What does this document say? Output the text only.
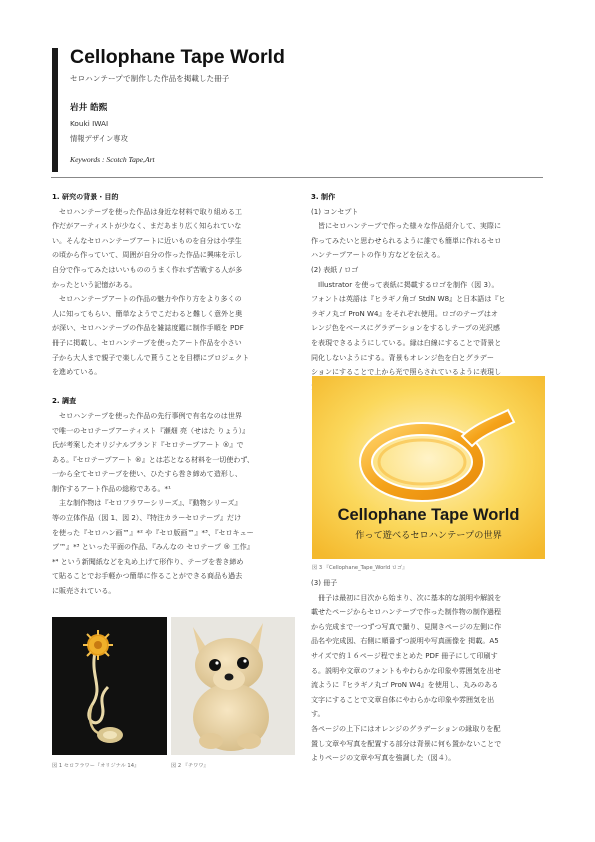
Cellophane Tape World
セロハンテープで制作した作品を掲載した冊子
岩井 皓熙
Kouki IWAI
情報デザイン専攻
Keywords : Scotch Tape,Art

1. 研究の背景・目的

　セロハンテープを使った作品は身近な材料で取り組める工

作だがアーティストが少なく、まだあまり広く知られていな

い。そんなセロハンテープアートに近いものを自分は小学生

の頃から作っていて、周囲が自分の作った作品に興味を示し

自分で作ってみたはいいもののうまく作れず苦戦する人が多

かったという記憶がある。

　セロハンテープアートの作品の魅力や作り方をより多くの

人に知ってもらい、簡単なようでこだわると難しく意外と奥

が深い、セロハンテープの作品を雑誌度鑑に制作手順を PDF

冊子に掲載し、セロハンテープを使ったアート作品を小さい

子から大人まで親子で楽しんで貰うことを目標にプロジェクト

を進めている。

2. 調査

　セロハンテープを使った作品の先行事例で有名なのは世界

で唯一のセロテープアーティスト『瀬畑 亮（せはた りょう）』

氏が考案したオリジナルブランド『セロテープアート ®』で

ある。『セロテープアート ®』とは芯となる材料を一切使わず、

一から全てセロテープを使い、ひたすら巻き締めて造形し、

制作するアート作品の総称である。*¹

　主な制作物は『セロフラワーシリーズ』、『動物シリーズ』

等の立体作品（図 1、図 2）、『特注カラーセロテープ』だけ

を使った『セロハン画™』*² や『セロ版画™』*³、『セロキュー

ブ™』*³ といった平面の作品、『みんなの セロテープ ® 工作』

*⁴ という新聞紙などを丸め上げて形作り、テープを巻き締め

て貼ることでお手軽かつ簡単に作ることができる商品も過去

に販売されている。

図 1 セロフラワー『オリジナル 14』	図 2 『チワワ』

3. 制作

(1) コンセプト

　皆にセロハンテープで作った様々な作品紹介して、実際に

作ってみたいと思わせられるように誰でも簡単に作れるセロ

ハンテープアートの作り方などを伝える。

(2) 表紙 / ロゴ

　Illustrator を使って表紙に掲載するロゴを制作（図 3）。

フォントは英語は『ヒラギノ角ゴ StdN W8』と日本語は『ヒ

ラギノ丸ゴ ProN W4』をそれぞれ使用。ロゴのテープはオ

レンジ色をベースにグラデーションをするしテープの光沢感

を表現できるようにしている。縁は白線にすることで背景と

同化しないようにする。背景もオレンジ色を白とグラデー

ションにすることで上から光で照らされているように表現し

Cellophane Tape World
作って遊べるセロハンテープの世界
図 3 『Cellophane_Tape_World ロゴ』

(3) 冊子

　冊子は最初に目次から始まり、次に基本的な説明や解説を

載せたページからセロハンテープで作った制作物の制作過程

から完成まで一つずつ写真で撮り、見開きページの左側に作

品名や完成図、右側に順番ずつ説明や写真画像を 掲載。A5

サイズで約１６ページ程でまとめた PDF 冊子にして印刷す

る。説明や文章のフォントもやわらかな印象や雰囲気を出せ

流ように『ヒラギノ丸ゴ ProN W4』を使用し、丸みのある

文字にすることで文章自体にやわらかな印象や雰囲気を出

す。

各ページの上下にはオレンジのグラデーションの縁取りを配

置し文章や写真を配置する部分は背景に何も置かないことで

よりページの文章や写真を強調した（図４）。
